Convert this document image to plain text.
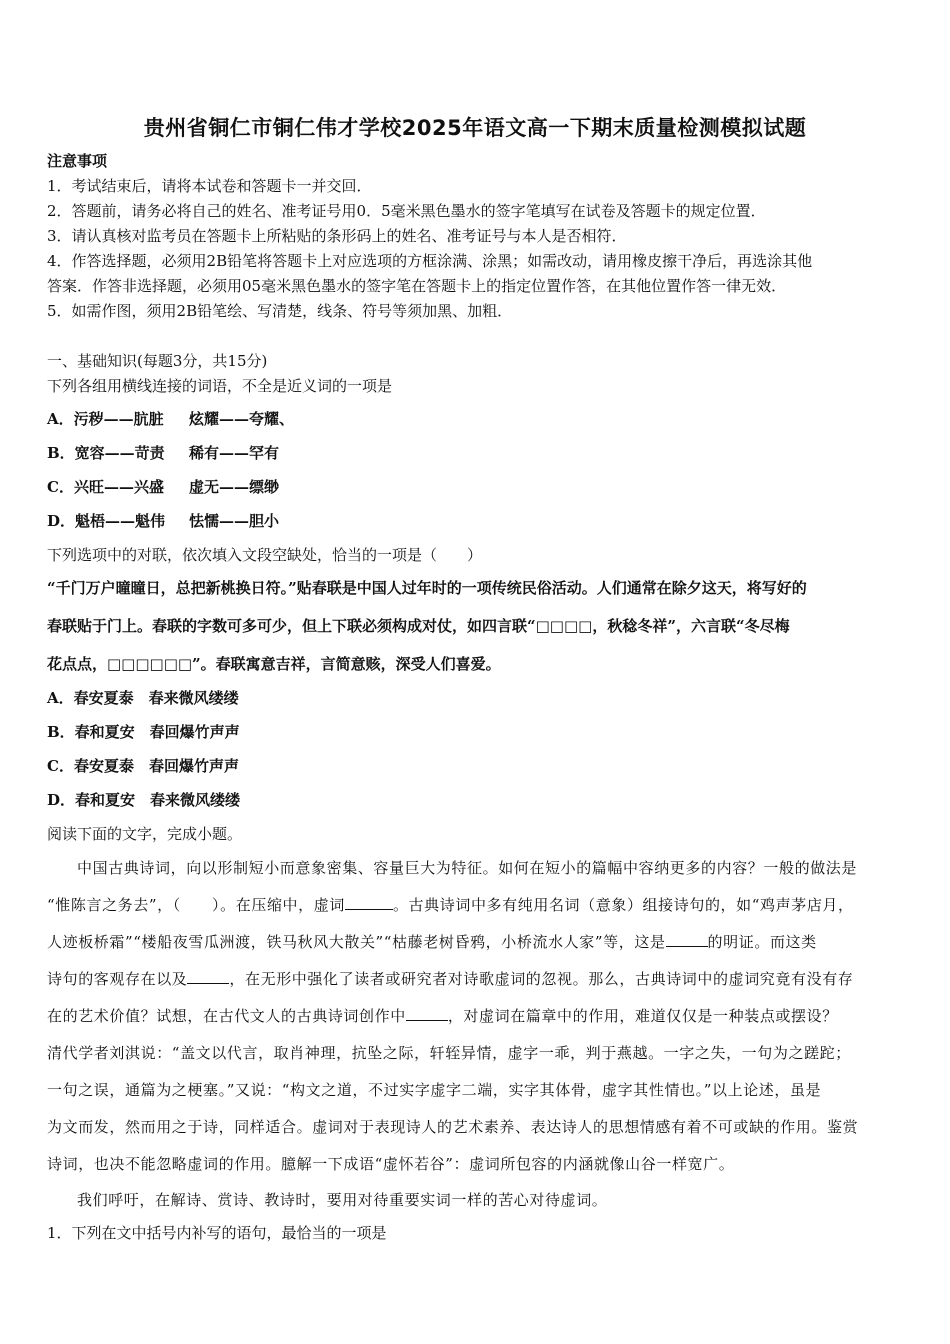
贵州省铜仁市铜仁伟才学校2025年语文高一下期末质量检测模拟试题
注意事项
1．考试结束后，请将本试卷和答题卡一并交回．
2．答题前，请务必将自己的姓名、准考证号用0．5毫米黑色墨水的签字笔填写在试卷及答题卡的规定位置．
3．请认真核对监考员在答题卡上所粘贴的条形码上的姓名、准考证号与本人是否相符．
4．作答选择题，必须用2B铅笔将答题卡上对应选项的方框涂满、涂黑；如需改动，请用橡皮擦干净后，再选涂其他
答案．作答非选择题，必须用05毫米黑色墨水的签字笔在答题卡上的指定位置作答，在其他位置作答一律无效．
5．如需作图，须用2B铅笔绘、写清楚，线条、符号等须加黑、加粗．
一、基础知识(每题3分，共15分)
下列各组用横线连接的词语，不全是近义词的一项是
A．污秽——肮脏 炫耀——夸耀、
B．宽容——苛责 稀有——罕有
C．兴旺——兴盛 虚无——缥缈
D．魁梧——魁伟 怯懦——胆小
下列选项中的对联，依次填入文段空缺处，恰当的一项是（　　）
“千门万户曈曈日，总把新桃换日符。”贴春联是中国人过年时的一项传统民俗活动。人们通常在除夕这天，将写好的
春联贴于门上。春联的字数可多可少，但上下联必须构成对仗，如四言联“□□□□，秋稔冬祥”，六言联“冬尽梅
花点点，□□□□□□”。春联寓意吉祥，言简意赅，深受人们喜爱。
A．春安夏泰　春来微风缕缕
B．春和夏安　春回爆竹声声
C．春安夏泰　春回爆竹声声
D．春和夏安　春来微风缕缕
阅读下面的文字，完成小题。
中国古典诗词，向以形制短小而意象密集、容量巨大为特征。如何在短小的篇幅中容纳更多的内容？一般的做法是
“惟陈言之务去”，（　　）。在压缩中，虚词	。古典诗词中多有纯用名词（意象）组接诗句的，如“鸡声茅店月，
人迹板桥霜”“楼船夜雪瓜洲渡，铁马秋风大散关”“枯藤老树昏鸦，小桥流水人家”等，这是	的明证。而这类
诗句的客观存在以及	，在无形中强化了读者或研究者对诗歌虚词的忽视。那么，古典诗词中的虚词究竟有没有存
在的艺术价值？试想，在古代文人的古典诗词创作中	，对虚词在篇章中的作用，难道仅仅是一种装点或摆设？
清代学者刘淇说：“盖文以代言，取肖神理，抗坠之际，轩轾异情，虚字一乖，判于燕越。一字之失，一句为之蹉跎；
一句之误，通篇为之梗塞。”又说：“构文之道，不过实字虚字二端，实字其体骨，虚字其性情也。”以上论述，虽是
为文而发，然而用之于诗，同样适合。虚词对于表现诗人的艺术素养、表达诗人的思想情感有着不可或缺的作用。鉴赏
诗词，也决不能忽略虚词的作用。臆解一下成语“虚怀若谷”：虚词所包容的内涵就像山谷一样宽广。
我们呼吁，在解诗、赏诗、教诗时，要用对待重要实词一样的苦心对待虚词。
1．下列在文中括号内补写的语句，最恰当的一项是
